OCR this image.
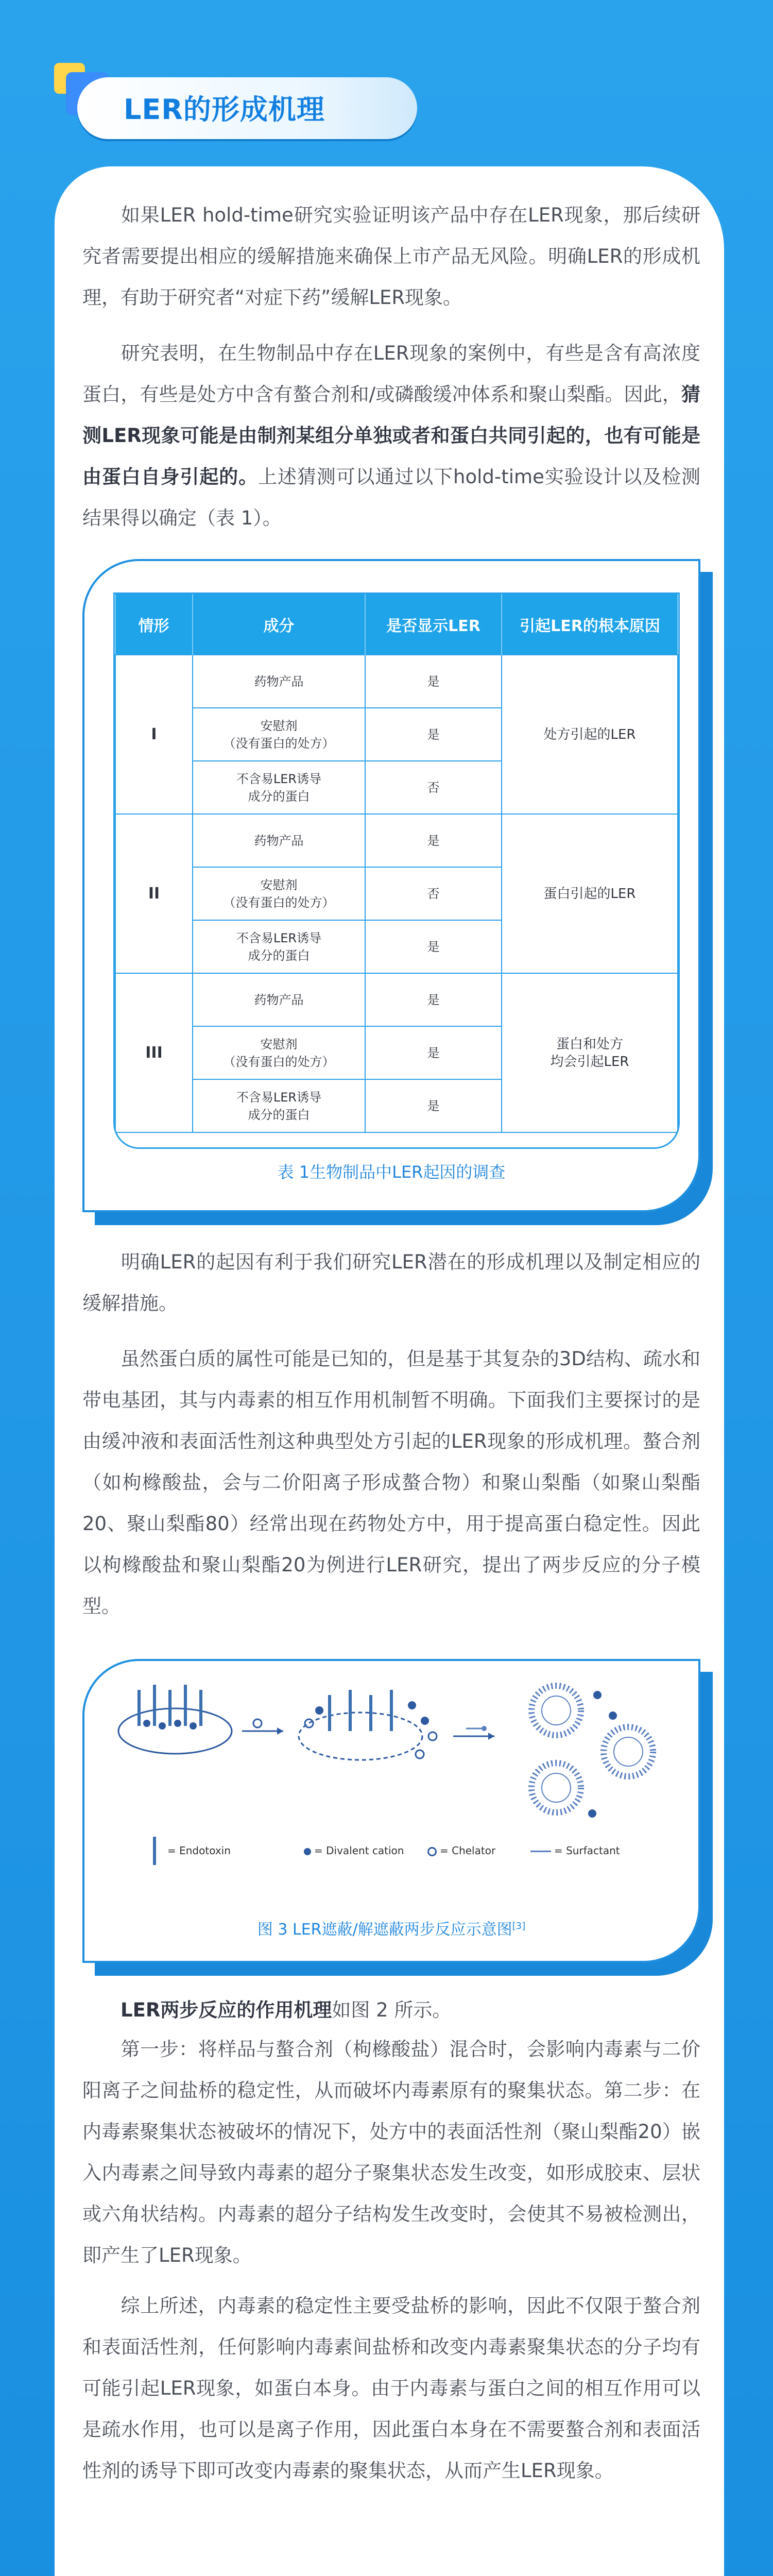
LER的形成机理
如果LER hold-time研究实验证明该产品中存在LER现象，那后续研究者需要提出相应的缓解措施来确保上市产品无风险。明确LER的形成机理，有助于研究者“对症下药”缓解LER现象。
研究表明，在生物制品中存在LER现象的案例中，有些是含有高浓度蛋白，有些是处方中含有螯合剂和/或磷酸缓冲体系和聚山梨酯。因此，猜测LER现象可能是由制剂某组分单独或者和蛋白共同引起的，也有可能是由蛋白自身引起的。上述猜测可以通过以下hold-time实验设计以及检测结果得以确定（表 1）。
情形	成分	是否显示LER	引起LER的根本原因
I	药物产品	是	处方引起的LER
	安慰剂
（没有蛋白的处方）	是	
	不含易LER诱导
成分的蛋白	否	
II	药物产品	是	蛋白引起的LER
	安慰剂
（没有蛋白的处方）	否	
	不含易LER诱导
成分的蛋白	是	
III	药物产品	是	蛋白和处方
均会引起LER
	安慰剂
（没有蛋白的处方）	是	
	不含易LER诱导
成分的蛋白	是	
表 1生物制品中LER起因的调查
明确LER的起因有利于我们研究LER潜在的形成机理以及制定相应的缓解措施。
虽然蛋白质的属性可能是已知的，但是基于其复杂的3D结构、疏水和带电基团，其与内毒素的相互作用机制暂不明确。下面我们主要探讨的是由缓冲液和表面活性剂这种典型处方引起的LER现象的形成机理。螯合剂（如枸橼酸盐，会与二价阳离子形成螯合物）和聚山梨酯（如聚山梨酯20、聚山梨酯80）经常出现在药物处方中，用于提高蛋白稳定性。因此以枸橼酸盐和聚山梨酯20为例进行LER研究，提出了两步反应的分子模型。
= Endotoxin	= Divalent cation	= Chelator	= Surfactant
图 3 LER遮蔽/解遮蔽两步反应示意图[3]
LER两步反应的作用机理如图 2 所示。
第一步：将样品与螯合剂（枸橼酸盐）混合时，会影响内毒素与二价阳离子之间盐桥的稳定性，从而破坏内毒素原有的聚集状态。第二步：在内毒素聚集状态被破坏的情况下，处方中的表面活性剂（聚山梨酯20）嵌入内毒素之间导致内毒素的超分子聚集状态发生改变，如形成胶束、层状或六角状结构。内毒素的超分子结构发生改变时，会使其不易被检测出，即产生了LER现象。
综上所述，内毒素的稳定性主要受盐桥的影响，因此不仅限于螯合剂和表面活性剂，任何影响内毒素间盐桥和改变内毒素聚集状态的分子均有可能引起LER现象，如蛋白本身。由于内毒素与蛋白之间的相互作用可以是疏水作用，也可以是离子作用，因此蛋白本身在不需要螯合剂和表面活性剂的诱导下即可改变内毒素的聚集状态，从而产生LER现象。
